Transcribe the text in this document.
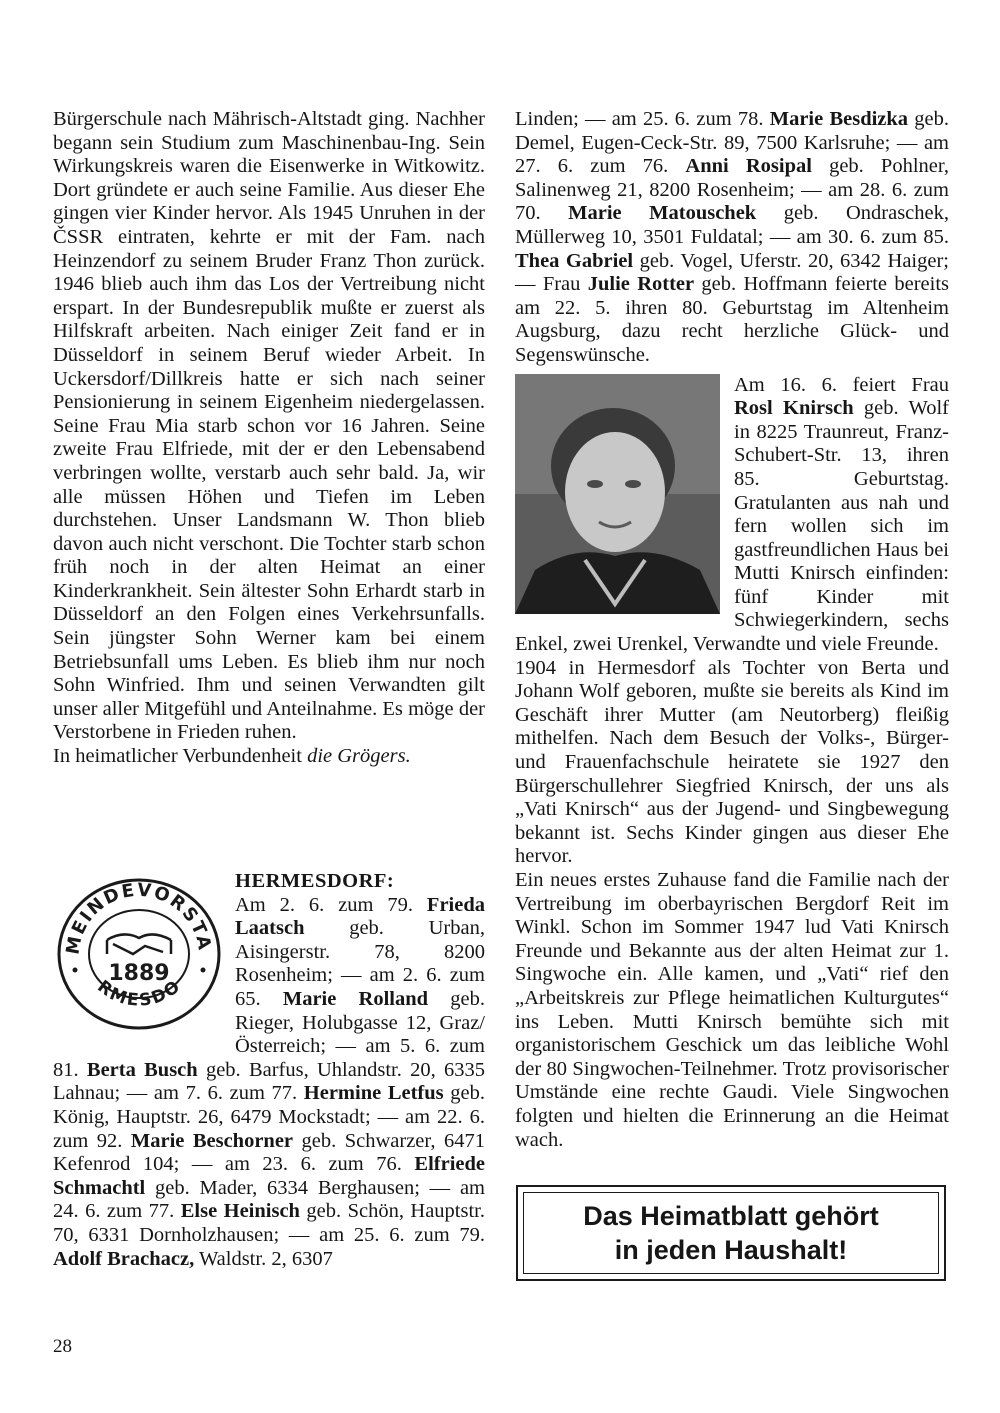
Bürgerschule nach Mährisch-Altstadt ging. Nachher begann sein Studium zum Maschinenbau-Ing. Sein Wirkungskreis waren die Eisenwerke in Witkowitz. Dort gründete er auch seine Familie. Aus dieser Ehe gingen vier Kinder hervor. Als 1945 Unruhen in der ČSSR eintraten, kehrte er mit der Fam. nach Heinzendorf zu seinem Bruder Franz Thon zurück. 1946 blieb auch ihm das Los der Vertreibung nicht erspart. In der Bundesrepublik mußte er zuerst als Hilfskraft arbeiten. Nach einiger Zeit fand er in Düsseldorf in seinem Beruf wieder Arbeit. In Uckersdorf/Dillkreis hatte er sich nach seiner Pensionierung in seinem Eigenheim niedergelassen. Seine Frau Mia starb schon vor 16 Jahren. Seine zweite Frau Elfriede, mit der er den Lebensabend verbringen wollte, verstarb auch sehr bald. Ja, wir alle müssen Höhen und Tiefen im Leben durchstehen. Unser Landsmann W. Thon blieb davon auch nicht verschont. Die Tochter starb schon früh noch in der alten Heimat an einer Kinderkrankheit. Sein ältester Sohn Erhardt starb in Düsseldorf an den Folgen eines Verkehrsunfalls. Sein jüngster Sohn Werner kam bei einem Betriebsunfall ums Leben. Es blieb ihm nur noch Sohn Winfried. Ihm und seinen Verwandten gilt unser aller Mitgefühl und Anteilnahme. Es möge der Verstorbene in Frieden ruhen.

In heimatlicher Verbundenheit die Grögers.

MEINDEVORSTA
RMESDO
1889

HERMESDORF:
Am 2. 6. zum 79. Frieda Laatsch geb. Urban, Aisingerstr. 78, 8200 Rosenheim; — am 2. 6. zum 65. Marie Rolland geb. Rieger, Holubgasse 12, Graz/ Österreich; — am 5. 6. zum 81. Berta Busch geb. Barfus, Uhlandstr. 20, 6335 Lahnau; — am 7. 6. zum 77. Hermine Letfus geb. König, Hauptstr. 26, 6479 Mockstadt; — am 22. 6. zum 92. Marie Beschorner geb. Schwarzer, 6471 Kefenrod 104; — am 23. 6. zum 76. Elfriede Schmachtl geb. Mader, 6334 Berghausen; — am 24. 6. zum 77. Else Heinisch geb. Schön, Hauptstr. 70, 6331 Dornholzhausen; — am 25. 6. zum 79. Adolf Brachacz, Waldstr. 2, 6307

Linden; — am 25. 6. zum 78. Marie Besdizka geb. Demel, Eugen-Ceck-Str. 89, 7500 Karlsruhe; — am 27. 6. zum 76. Anni Rosipal geb. Pohlner, Salinenweg 21, 8200 Rosenheim; — am 28. 6. zum 70. Marie Matouschek geb. Ondraschek, Müllerweg 10, 3501 Fuldatal; — am 30. 6. zum 85. Thea Gabriel geb. Vogel, Uferstr. 20, 6342 Haiger; — Frau Julie Rotter geb. Hoffmann feierte bereits am 22. 5. ihren 80. Geburtstag im Altenheim Augsburg, dazu recht herzliche Glück- und Segenswünsche.

Am 16. 6. feiert Frau Rosl Knirsch geb. Wolf in 8225 Traunreut, Franz-Schubert-Str. 13, ihren 85. Geburtstag. Gratulanten aus nah und fern wollen sich im gastfreundlichen Haus bei Mutti Knirsch einfinden: fünf Kinder mit Schwiegerkindern, sechs Enkel, zwei Urenkel, Verwandte und viele Freunde.

1904 in Hermesdorf als Tochter von Berta und Johann Wolf geboren, mußte sie bereits als Kind im Geschäft ihrer Mutter (am Neutorberg) fleißig mithelfen. Nach dem Besuch der Volks-, Bürger- und Frauenfachschule heiratete sie 1927 den Bürgerschullehrer Siegfried Knirsch, der uns als „Vati Knirsch“ aus der Jugend- und Singbewegung bekannt ist. Sechs Kinder gingen aus dieser Ehe hervor.

Ein neues erstes Zuhause fand die Familie nach der Vertreibung im oberbayrischen Bergdorf Reit im Winkl. Schon im Sommer 1947 lud Vati Knirsch Freunde und Bekannte aus der alten Heimat zur 1. Singwoche ein. Alle kamen, und „Vati“ rief den „Arbeitskreis zur Pflege heimatlichen Kulturgutes“ ins Leben. Mutti Knirsch bemühte sich mit organistorischem Geschick um das leibliche Wohl der 80 Singwochen-Teilnehmer. Trotz provisorischer Umstände eine rechte Gaudi. Viele Singwochen folgten und hielten die Erinnerung an die Heimat wach.

Das Heimatblatt gehört
in jeden Haushalt!
28
